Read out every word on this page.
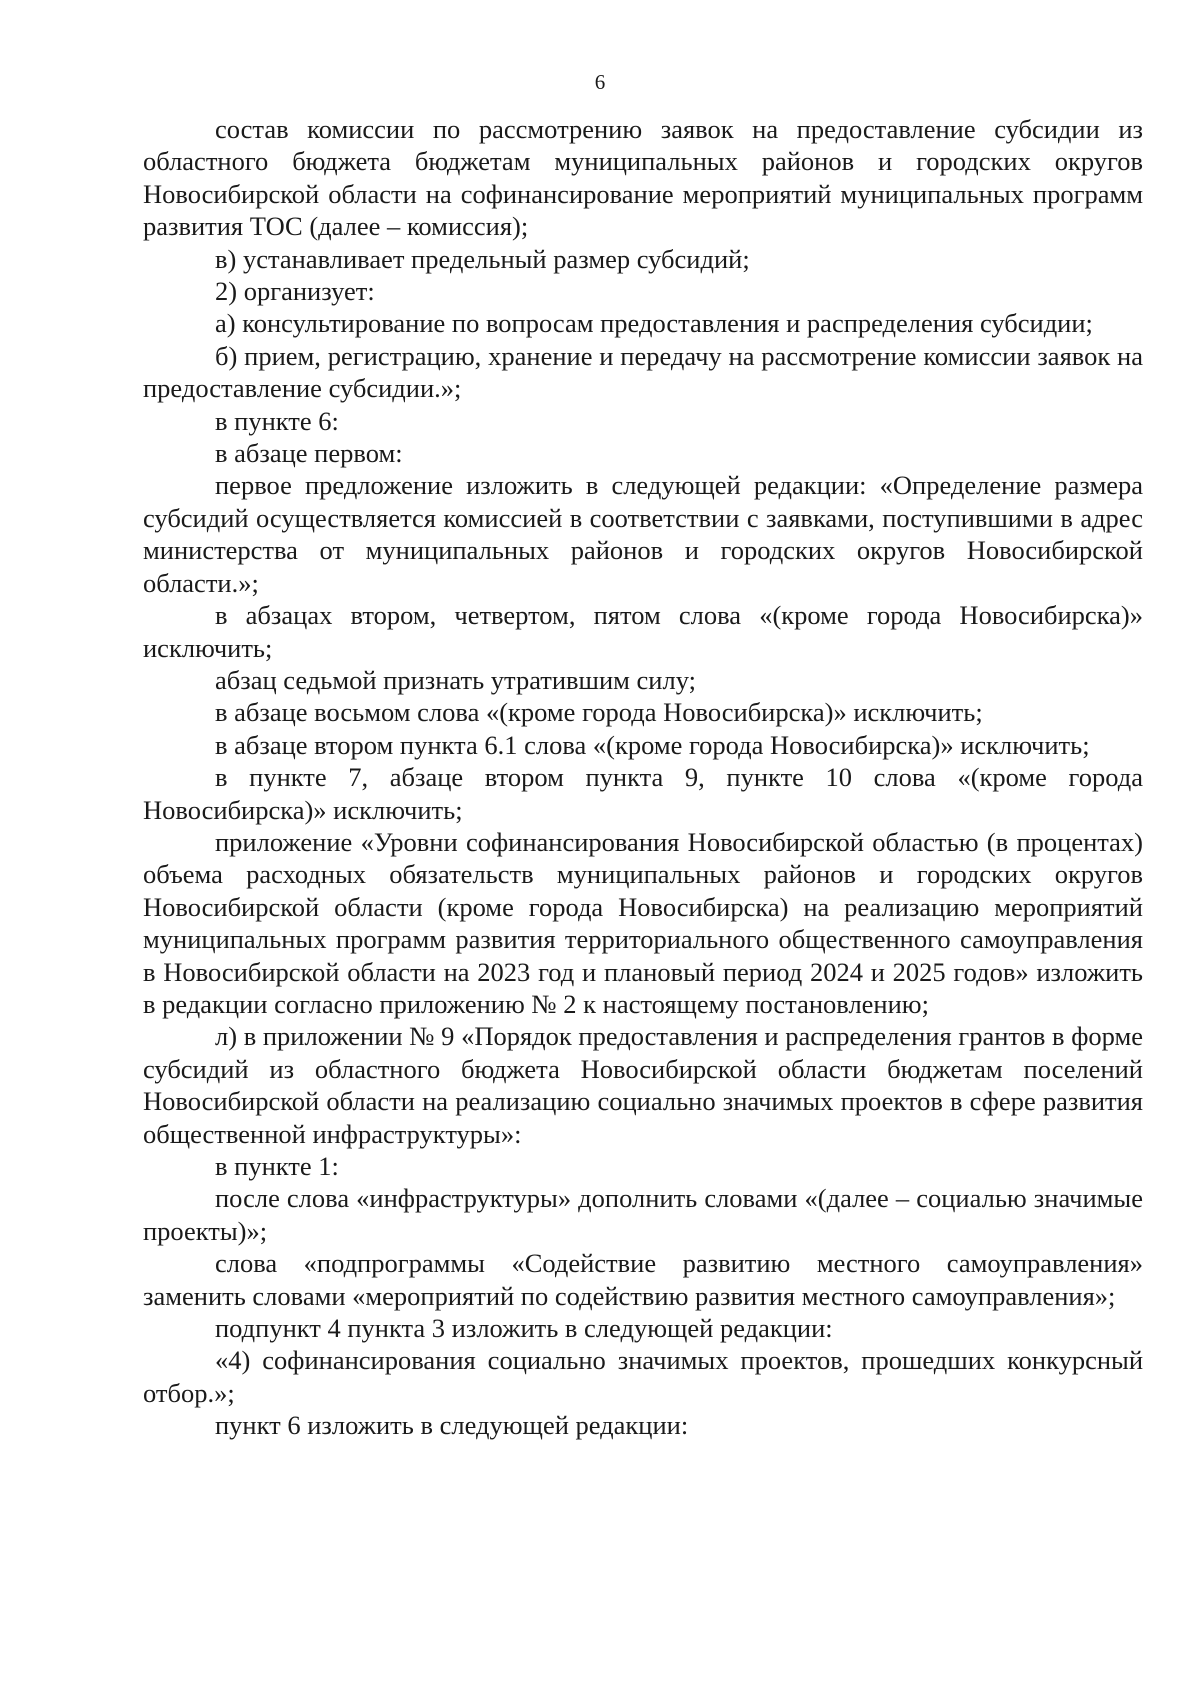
6

состав комиссии по рассмотрению заявок на предоставление субсидии из областного бюджета бюджетам муниципальных районов и городских округов Новосибирской области на софинансирование мероприятий муниципальных программ развития ТОС (далее – комиссия);

в) устанавливает предельный размер субсидий;

2) организует:

а) консультирование по вопросам предоставления и распределения субсидии;

б) прием, регистрацию, хранение и передачу на рассмотрение комиссии заявок на предоставление субсидии.»;

в пункте 6:

в абзаце первом:

первое предложение изложить в следующей редакции: «Определение размера субсидий осуществляется комиссией в соответствии с заявками, поступившими в адрес министерства от муниципальных районов и городских округов Новосибирской области.»;

в абзацах втором, четвертом, пятом слова «(кроме города Новосибирска)» исключить;

абзац седьмой признать утратившим силу;

в абзаце восьмом слова «(кроме города Новосибирска)» исключить;

в абзаце втором пункта 6.1 слова «(кроме города Новосибирска)» исключить;

в пункте 7, абзаце втором пункта 9, пункте 10 слова «(кроме города Новосибирска)» исключить;

приложение «Уровни софинансирования Новосибирской областью (в процентах) объема расходных обязательств муниципальных районов и городских округов Новосибирской области (кроме города Новосибирска) на реализацию мероприятий муниципальных программ развития территориального общественного самоуправления в Новосибирской области на 2023 год и плановый период 2024 и 2025 годов» изложить в редакции согласно приложению № 2 к настоящему постановлению;

л) в приложении № 9 «Порядок предоставления и распределения грантов в форме субсидий из областного бюджета Новосибирской области бюджетам поселений Новосибирской области на реализацию социально значимых проектов в сфере развития общественной инфраструктуры»:

в пункте 1:

после слова «инфраструктуры» дополнить словами «(далее – социалью значимые проекты)»;

слова «подпрограммы «Содействие развитию местного самоуправления» заменить словами «мероприятий по содействию развития местного самоуправления»;

подпункт 4 пункта 3 изложить в следующей редакции:

«4) софинансирования социально значимых проектов, прошедших конкурсный отбор.»;

пункт 6 изложить в следующей редакции:
